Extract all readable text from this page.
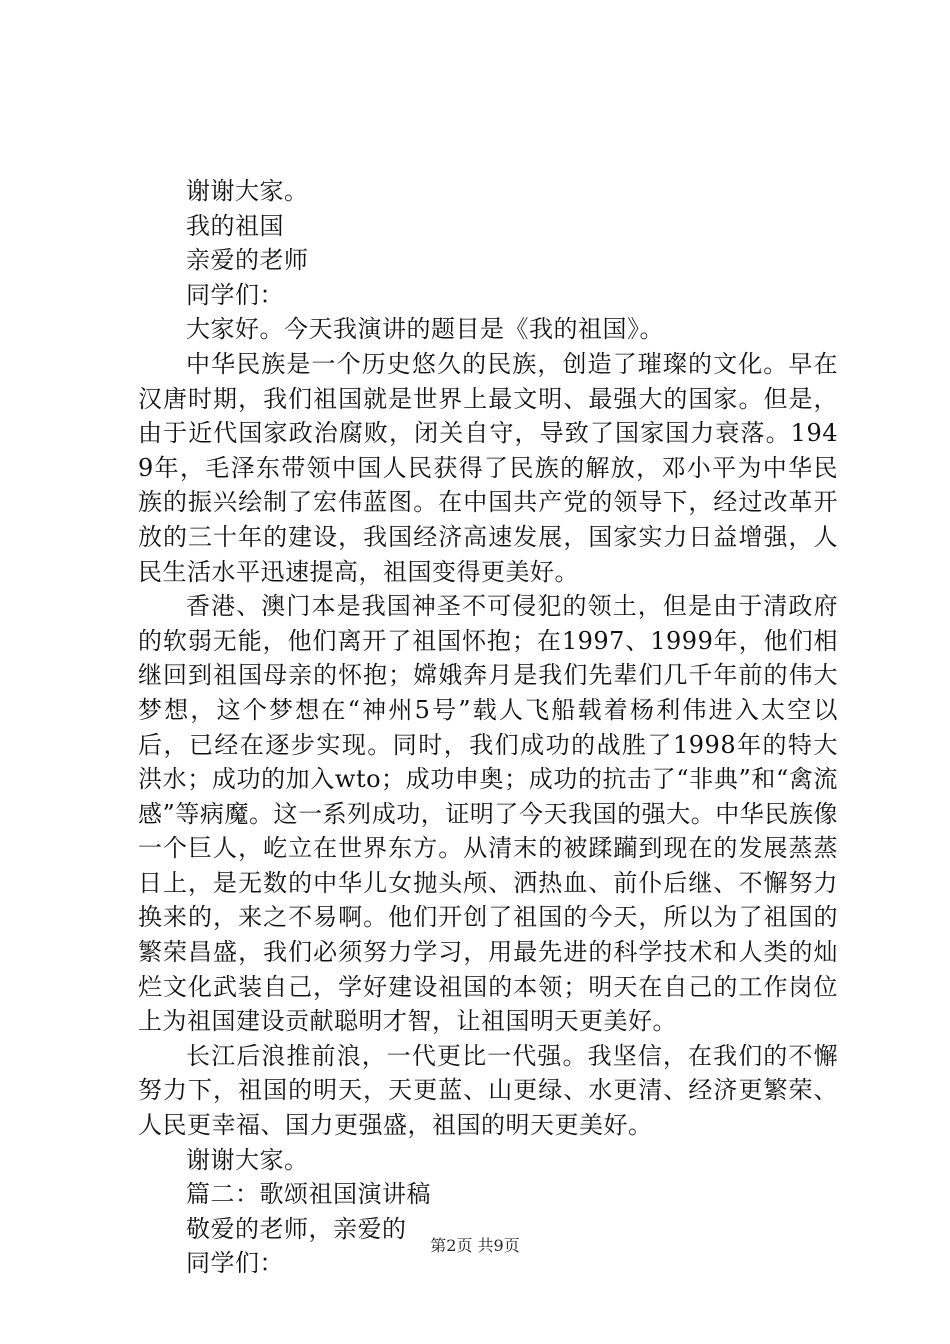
谢谢大家。

我的祖国

亲爱的老师

同学们：

大家好。今天我演讲的题目是《我的祖国》。

中华民族是一个历史悠久的民族，创造了璀璨的文化。早在汉唐时期，我们祖国就是世界上最文明、最强大的国家。但是，由于近代国家政治腐败，闭关自守，导致了国家国力衰落。1949年，毛泽东带领中国人民获得了民族的解放，邓小平为中华民族的振兴绘制了宏伟蓝图。在中国共产党的领导下，经过改革开放的三十年的建设，我国经济高速发展，国家实力日益增强，人民生活水平迅速提高，祖国变得更美好。

香港、澳门本是我国神圣不可侵犯的领土，但是由于清政府的软弱无能，他们离开了祖国怀抱；在1997、1999年，他们相继回到祖国母亲的怀抱；嫦娥奔月是我们先辈们几千年前的伟大梦想，这个梦想在“神州5号”载人飞船载着杨利伟进入太空以后，已经在逐步实现。同时，我们成功的战胜了1998年的特大洪水；成功的加入wto；成功申奥；成功的抗击了“非典”和“禽流感”等病魔。这一系列成功，证明了今天我国的强大。中华民族像一个巨人，屹立在世界东方。从清末的被蹂躏到现在的发展蒸蒸日上，是无数的中华儿女抛头颅、洒热血、前仆后继、不懈努力换来的，来之不易啊。他们开创了祖国的今天，所以为了祖国的繁荣昌盛，我们必须努力学习，用最先进的科学技术和人类的灿烂文化武装自己，学好建设祖国的本领；明天在自己的工作岗位上为祖国建设贡献聪明才智，让祖国明天更美好。

长江后浪推前浪，一代更比一代强。我坚信，在我们的不懈努力下，祖国的明天，天更蓝、山更绿、水更清、经济更繁荣、人民更幸福、国力更强盛，祖国的明天更美好。

谢谢大家。

篇二：歌颂祖国演讲稿

敬爱的老师，亲爱的

同学们：

第2页 共9页
